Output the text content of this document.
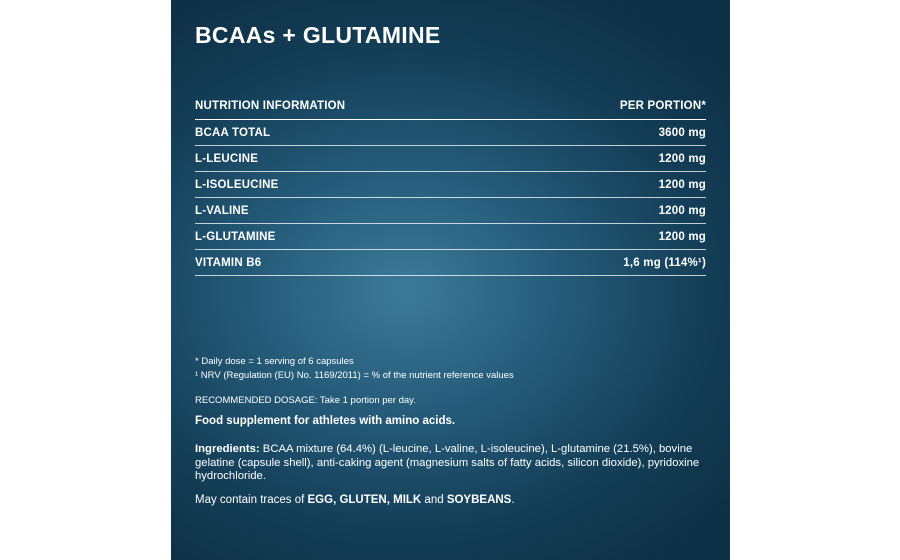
BCAAs + GLUTAMINE
NUTRITION INFORMATION	PER PORTION*
BCAA TOTAL	3600 mg
L-LEUCINE	1200 mg
L-ISOLEUCINE	1200 mg
L-VALINE	1200 mg
L-GLUTAMINE	1200 mg
VITAMIN B6	1,6 mg (114%¹)
* Daily dose = 1 serving of 6 capsules
¹ NRV (Regulation (EU) No. 1169/2011) = % of the nutrient reference values
RECOMMENDED DOSAGE: Take 1 portion per day.
Food supplement for athletes with amino acids.
Ingredients: BCAA mixture (64.4%) (L-leucine, L-valine, L-isoleucine), L-glutamine (21.5%), bovine gelatine (capsule shell), anti-caking agent (magnesium salts of fatty acids, silicon dioxide), pyridoxine hydrochloride.
May contain traces of EGG, GLUTEN, MILK and SOYBEANS.
